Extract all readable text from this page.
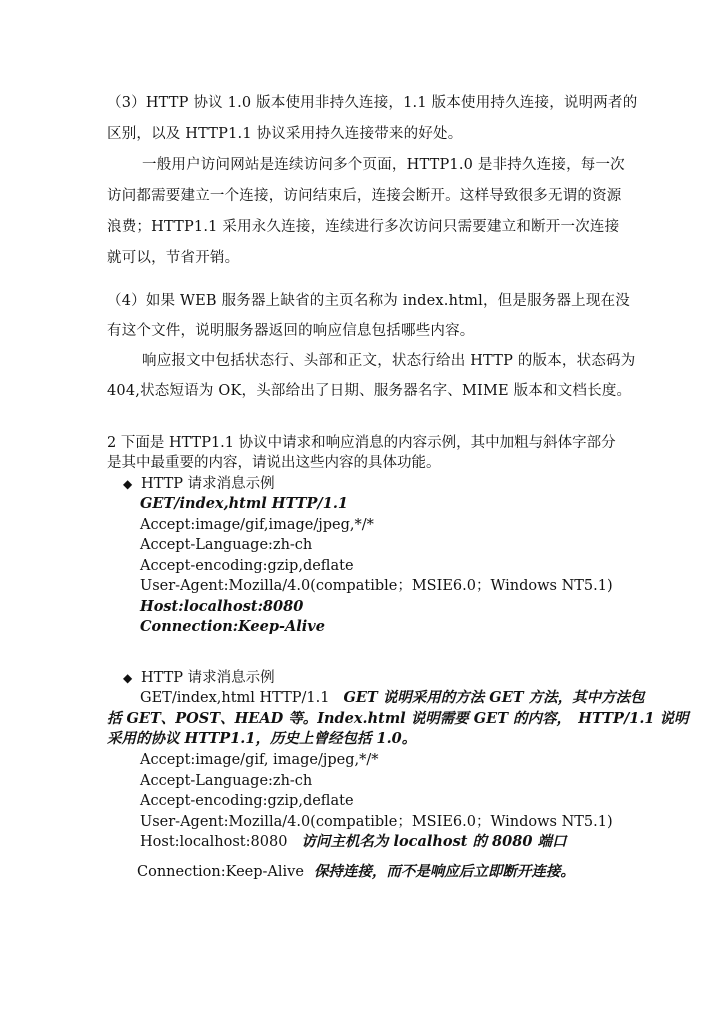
（3）HTTP 协议 1.0 版本使用非持久连接，1.1 版本使用持久连接，说明两者的
区别，以及 HTTP1.1 协议采用持久连接带来的好处。
一般用户访问网站是连续访问多个页面，HTTP1.0 是非持久连接，每一次
访问都需要建立一个连接，访问结束后，连接会断开。这样导致很多无谓的资源
浪费；HTTP1.1 采用永久连接，连续进行多次访问只需要建立和断开一次连接
就可以，节省开销。
（4）如果 WEB 服务器上缺省的主页名称为 index.html，但是服务器上现在没
有这个文件，说明服务器返回的响应信息包括哪些内容。
响应报文中包括状态行、头部和正文，状态行给出 HTTP 的版本，状态码为
404,状态短语为 OK，头部给出了日期、服务器名字、MIME 版本和文档长度。
2 下面是 HTTP1.1 协议中请求和响应消息的内容示例，其中加粗与斜体字部分
是其中最重要的内容，请说出这些内容的具体功能。
◆ HTTP 请求消息示例
GET/index,html HTTP/1.1
Accept:image/gif,image/jpeg,*/*
Accept-Language:zh-ch
Accept-encoding:gzip,deflate
User-Agent:Mozilla/4.0(compatible；MSIE6.0；Windows NT5.1)
Host:localhost:8080
Connection:Keep-Alive
◆ HTTP 请求消息示例
GET/index,html HTTP/1.1 GET 说明采用的方法 GET 方法，其中方法包
括 GET、POST、HEAD 等。Index.html 说明需要 GET 的内容，　HTTP/1.1 说明
采用的协议 HTTP1.1，历史上曾经包括 1.0。
Accept:image/gif, image/jpeg,*/*
Accept-Language:zh-ch
Accept-encoding:gzip,deflate
User-Agent:Mozilla/4.0(compatible；MSIE6.0；Windows NT5.1)
Host:localhost:8080 访问主机名为 localhost 的 8080 端口
Connection:Keep-Alive 保持连接，而不是响应后立即断开连接。
